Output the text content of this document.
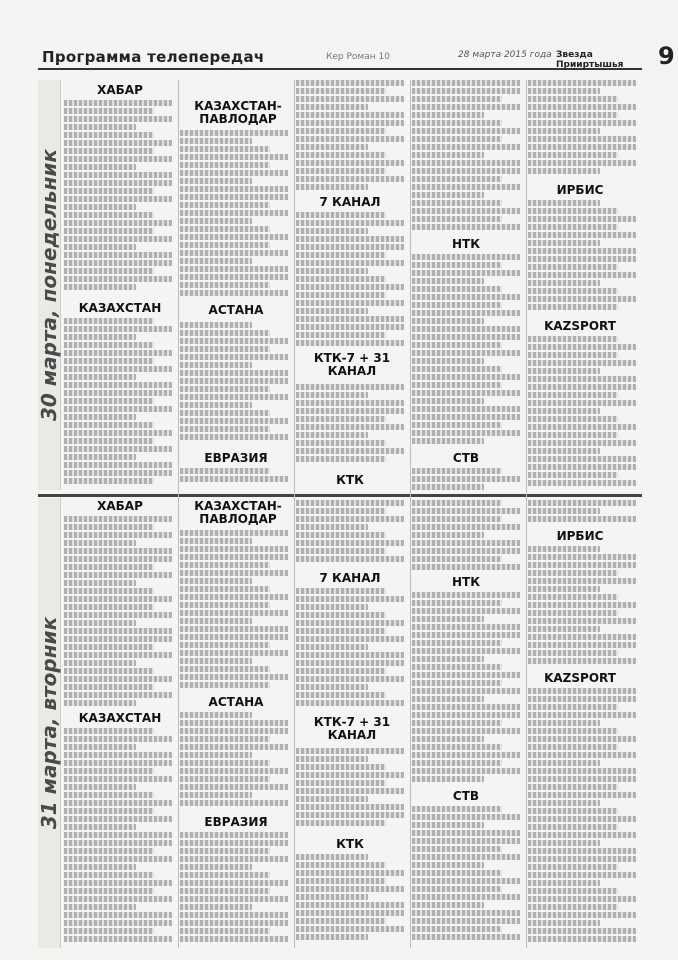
Программа телепередач	Кер Роман 10	28 марта 2015 года Звезда Прииртышья	9
30 марта, понедельник
31 марта, вторник
ХАБАР
КАЗАХСТАН
КАЗАХСТАН-ПАВЛОДАР
АСТАНА
ЕВРАЗИЯ
7 КАНАЛ
КТК-7 + 31 КАНАЛ
КТК
НТК
СТВ
ИРБИС
KAZSPORT
ХАБАР
КАЗАХСТАН
КАЗАХСТАН-ПАВЛОДАР
АСТАНА
ЕВРАЗИЯ
7 КАНАЛ
КТК-7 + 31 КАНАЛ
КТК
НТК
СТВ
ИРБИС
KAZSPORT
